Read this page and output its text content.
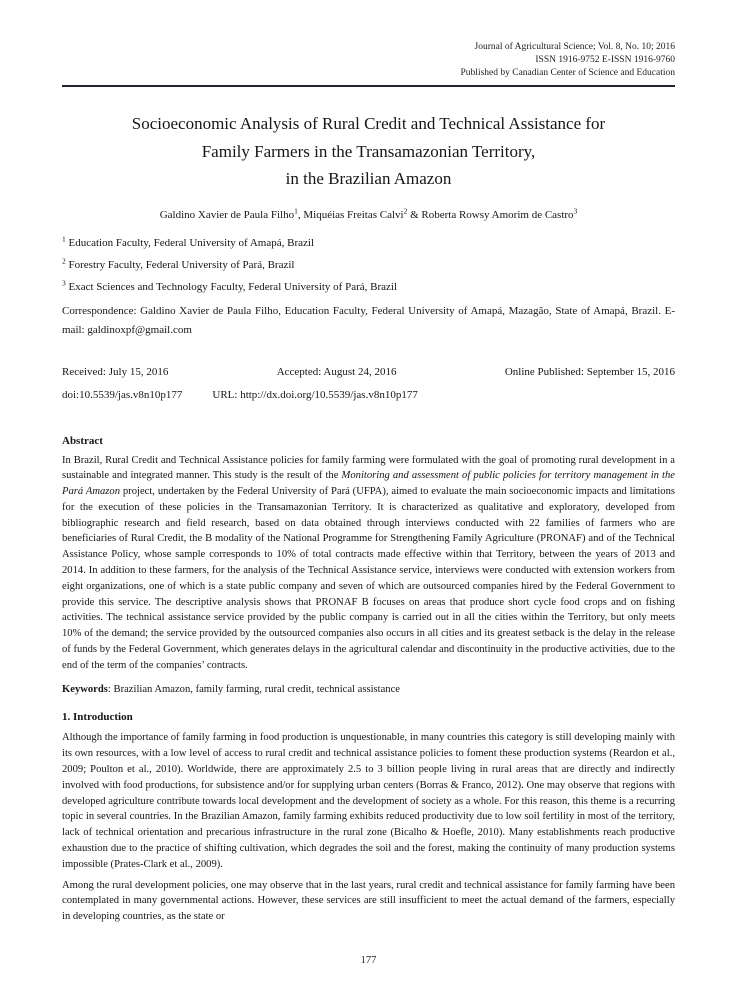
Journal of Agricultural Science; Vol. 8, No. 10; 2016
ISSN 1916-9752 E-ISSN 1916-9760
Published by Canadian Center of Science and Education
Socioeconomic Analysis of Rural Credit and Technical Assistance for
Family Farmers in the Transamazonian Territory,
in the Brazilian Amazon
Galdino Xavier de Paula Filho$^1$, Miquéias Freitas Calvi$^2$ & Roberta Rowsy Amorim de Castro$^3$
$^1$ Education Faculty, Federal University of Amapá, Brazil
$^2$ Forestry Faculty, Federal University of Pará, Brazil
$^3$ Exact Sciences and Technology Faculty, Federal University of Pará, Brazil
Correspondence: Galdino Xavier de Paula Filho, Education Faculty, Federal University of Amapá, Mazagão, State of Amapá, Brazil. E-mail: galdinoxpf@gmail.com
Received: July 15, 2016	Accepted: August 24, 2016	Online Published: September 15, 2016
doi:10.5539/jas.v8n10p177	URL: http://dx.doi.org/10.5539/jas.v8n10p177
Abstract
In Brazil, Rural Credit and Technical Assistance policies for family farming were formulated with the goal of promoting rural development in a sustainable and integrated manner. This study is the result of the Monitoring and assessment of public policies for territory management in the Pará Amazon project, undertaken by the Federal University of Pará (UFPA), aimed to evaluate the main socioeconomic impacts and limitations for the execution of these policies in the Transamazonian Territory. It is characterized as qualitative and exploratory, developed from bibliographic research and field research, based on data obtained through interviews conducted with 22 families of farmers who are beneficiaries of Rural Credit, the B modality of the National Programme for Strengthening Family Agriculture (PRONAF) and of the Technical Assistance Policy, whose sample corresponds to 10% of total contracts made effective within that Territory, between the years of 2013 and 2014. In addition to these farmers, for the analysis of the Technical Assistance service, interviews were conducted with extension workers from eight organizations, one of which is a state public company and seven of which are outsourced companies hired by the Federal Government to provide this service. The descriptive analysis shows that PRONAF B focuses on areas that produce short cycle food crops and on fishing activities. The technical assistance service provided by the public company is carried out in all the cities within the Territory, but only meets 10% of the demand; the service provided by the outsourced companies also occurs in all cities and its greatest setback is the delay in the release of funds by the Federal Government, which generates delays in the agricultural calendar and discontinuity in the productive activities, due to the end of the term of the companies’ contracts.
Keywords: Brazilian Amazon, family farming, rural credit, technical assistance
1. Introduction
Although the importance of family farming in food production is unquestionable, in many countries this category is still developing mainly with its own resources, with a low level of access to rural credit and technical assistance policies to foment these production systems (Reardon et al., 2009; Poulton et al., 2010). Worldwide, there are approximately 2.5 to 3 billion people living in rural areas that are directly and indirectly involved with food productions, for subsistence and/or for supplying urban centers (Borras & Franco, 2012). One may observe that regions with developed agriculture contribute towards local development and the development of society as a whole. For this reason, this theme is a recurring topic in several countries. In the Brazilian Amazon, family farming exhibits reduced productivity due to low soil fertility in most of the territory, lack of technical orientation and precarious infrastructure in the rural zone (Bicalho & Hoefle, 2010). Many establishments reach productive exhaustion due to the practice of shifting cultivation, which degrades the soil and the forest, making the continuity of many production systems impossible (Prates-Clark et al., 2009).
Among the rural development policies, one may observe that in the last years, rural credit and technical assistance for family farming have been contemplated in many governmental actions. However, these services are still insufficient to meet the actual demand of the farmers, especially in developing countries, as the state or
177
